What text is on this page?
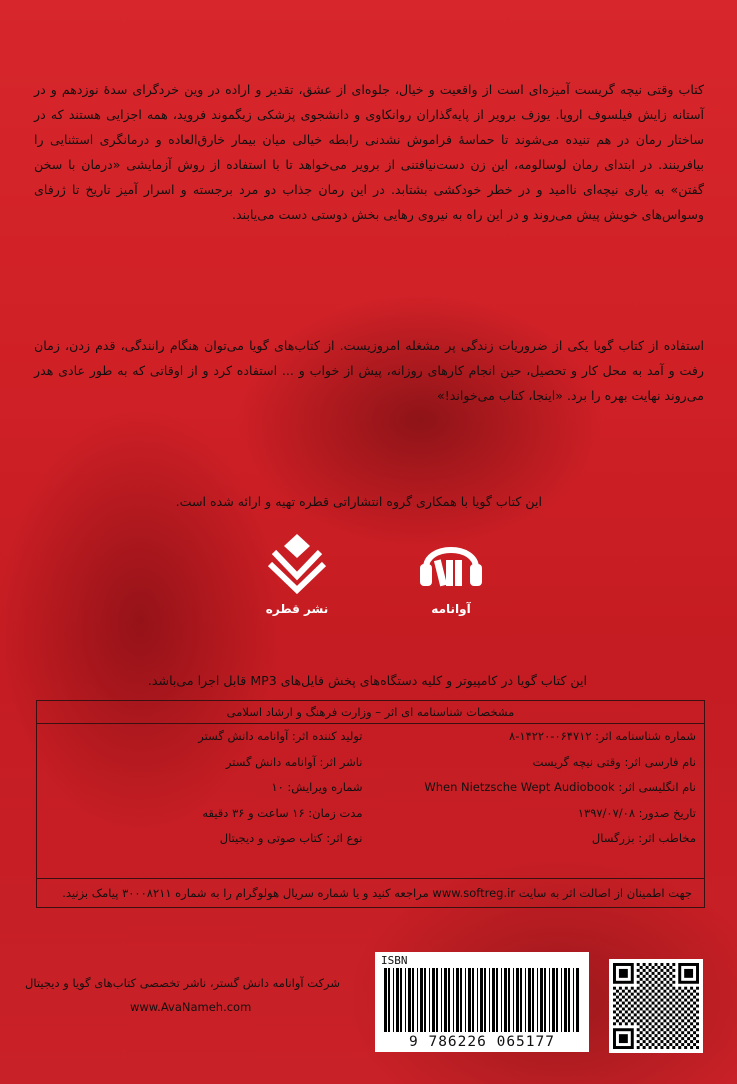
کتاب وقتی نیچه گریست آمیزه‌ای است از واقعیت و خیال، جلوه‌ای از عشق، تقدیر و اراده در وین خردگرای سدهٔ نوزدهم و در آستانه زایش فیلسوف اروپا. یوزف برویر از پایه‌گذاران روانکاوی و دانشجوی پزشکی زیگموند فروید، همه اجزایی هستند که در ساختار رمان در هم تنیده می‌شوند تا حماسهٔ فراموش نشدنی رابطه خیالی میان بیمار خارق‌العاده و درمانگری استثنایی را بیافرینند. در ابتدای رمان لوسالومه، این زن دست‌نیافتنی از برویر می‌خواهد تا با استفاده از روش آزمایشی «درمان با سخن گفتن» به یاری نیچه‌ای ناامید و در خطر خودکشی بشتابد. در این رمان جذاب دو مرد برجسته و اسرار آمیز تاریخ تا ژرفای وسواس‌های خویش پیش می‌روند و در این راه به نیروی رهایی بخش دوستی دست می‌یابند.
استفاده از کتاب گویا یکی از ضروریات زندگی پر مشغله امروزیست. از کتاب‌های گویا می‌توان هنگام رانندگی، قدم زدن، زمان رفت و آمد به محل کار و تحصیل، حین انجام کارهای روزانه، پیش از خواب و ... استفاده کرد و از اوقاتی که به طور عادی هدر می‌روند نهایت بهره را برد. «اینجا، کتاب می‌خواند!»
این کتاب گویا با همکاری گروه انتشاراتی قطره تهیه و ارائه شده است.
آوانامه
نشر قطره
این کتاب گویا در کامپیوتر و کلیه دستگاه‌های پخش فایل‌های MP3 قابل اجرا می‌باشد.
مشخصات شناسنامه ای اثر – وزارت فرهنگ و ارشاد اسلامی
شماره شناسنامه اثر: ۰۶۴۷۱۲-۱۴۲۲۰-۸
تولید کننده اثر: آوانامه دانش گستر
نام فارسی اثر: وقتی نیچه گریست
ناشر اثر: آوانامه دانش گستر
نام انگلیسی اثر: When Nietzsche Wept Audiobook
شماره ویرایش: ۱۰
تاریخ صدور: ۱۳۹۷/۰۷/۰۸
مدت زمان: ۱۶ ساعت و ۳۶ دقیقه
مخاطب اثر: بزرگسال
نوع اثر: کتاب صوتی و دیجیتال
جهت اطمینان از اصالت اثر به سایت www.softreg.ir مراجعه کنید و یا شماره سریال هولوگرام را به شماره ۳۰۰۰۸۲۱۱ پیامک بزنید.
ISBN
9 786226 065177
شرکت آوانامه دانش گستر، ناشر تخصصی کتاب‌های گویا و دیجیتال
www.AvaNameh.com
